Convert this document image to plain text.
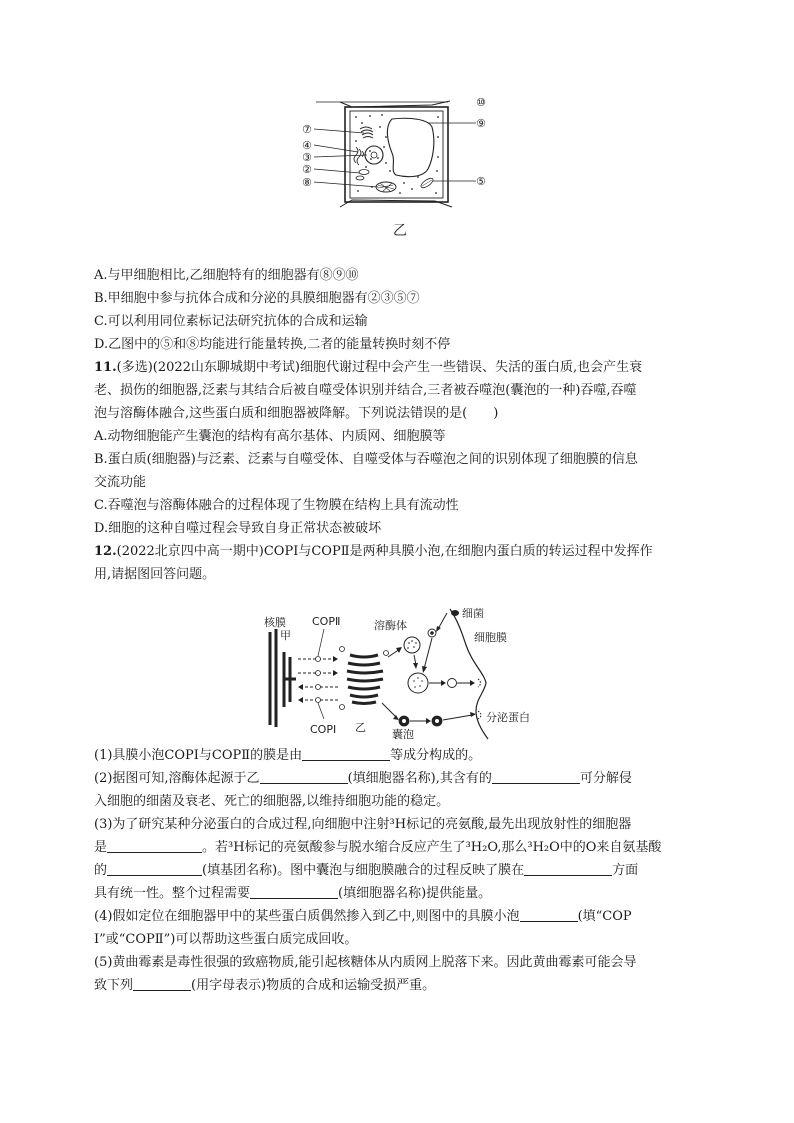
⑦
④
③
②
⑧
⑩
⑨
⑤
乙

A.与甲细胞相比,乙细胞特有的细胞器有⑧⑨⑩

B.甲细胞中参与抗体合成和分泌的具膜细胞器有②③⑤⑦

C.可以利用同位素标记法研究抗体的合成和运输

D.乙图中的⑤和⑧均能进行能量转换,二者的能量转换时刻不停

11.(多选)(2022山东聊城期中考试)细胞代谢过程中会产生一些错误、失活的蛋白质,也会产生衰

老、损伤的细胞器,泛素与其结合后被自噬受体识别并结合,三者被吞噬泡(囊泡的一种)吞噬,吞噬

泡与溶酶体融合,这些蛋白质和细胞器被降解。下列说法错误的是(　　)

A.动物细胞能产生囊泡的结构有高尔基体、内质网、细胞膜等

B.蛋白质(细胞器)与泛素、泛素与自噬受体、自噬受体与吞噬泡之间的识别体现了细胞膜的信息

交流功能

C.吞噬泡与溶酶体融合的过程体现了生物膜在结构上具有流动性

D.细胞的这种自噬过程会导致自身正常状态被破坏

12.(2022北京四中高一期中)COPⅠ与COPⅡ是两种具膜小泡,在细胞内蛋白质的转运过程中发挥作

用,请据图回答问题。

核膜
甲
COPⅡ	溶酶体
细菌
细胞膜
COPⅠ 乙
囊泡
分泌蛋白

(1)具膜小泡COPⅠ与COPⅡ的膜是由	等成分构成的。

(2)据图可知,溶酶体起源于乙	(填细胞器名称),其含有的	可分解侵

入细胞的细菌及衰老、死亡的细胞器,以维持细胞功能的稳定。

(3)为了研究某种分泌蛋白的合成过程,向细胞中注射³H标记的亮氨酸,最先出现放射性的细胞器

是	。若³H标记的亮氨酸参与脱水缩合反应产生了³H₂O,那么³H₂O中的O来自氨基酸

的	(填基团名称)。图中囊泡与细胞膜融合的过程反映了膜在	方面

具有统一性。整个过程需要	(填细胞器名称)提供能量。

(4)假如定位在细胞器甲中的某些蛋白质偶然掺入到乙中,则图中的具膜小泡	(填“COP

Ⅰ”或“COPⅡ”)可以帮助这些蛋白质完成回收。

(5)黄曲霉素是毒性很强的致癌物质,能引起核糖体从内质网上脱落下来。因此黄曲霉素可能会导

致下列	(用字母表示)物质的合成和运输受损严重。
